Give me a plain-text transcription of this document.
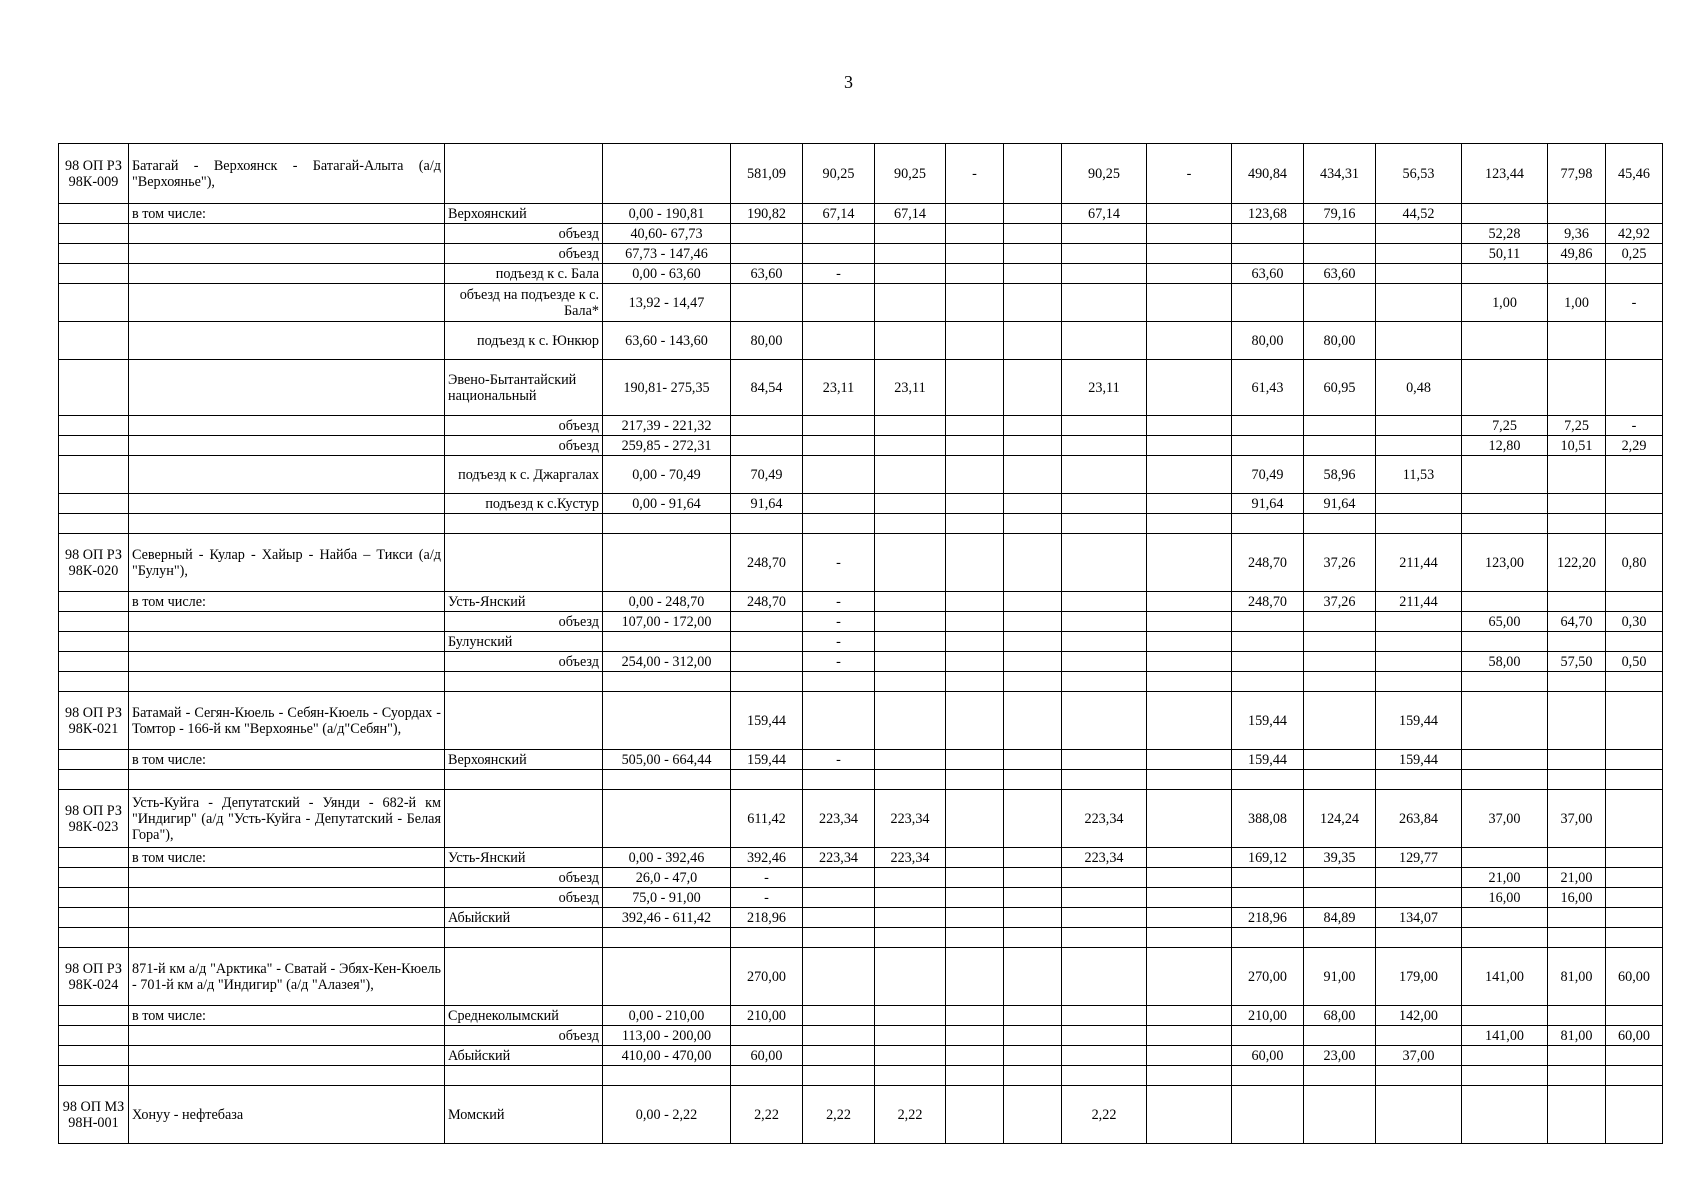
3
98 ОП РЗ 98К-009	Батагай - Верхоянск - Батагай-Алыта (а/д "Верхоянье"),			581,09	90,25	90,25	-		90,25	-	490,84	434,31	56,53	123,44	77,98	45,46
	в том числе:	Верхоянский	0,00 - 190,81	190,82	67,14	67,14			67,14		123,68	79,16	44,52			
		объезд	40,60- 67,73											52,28	9,36	42,92
		объезд	67,73 - 147,46											50,11	49,86	0,25
		подъезд к с. Бала	0,00 - 63,60	63,60	-						63,60	63,60				
		объезд на подъезде к с. Бала*	13,92 - 14,47											1,00	1,00	-
		подъезд к с. Юнкюр	63,60 - 143,60	80,00							80,00	80,00				
		Эвено-Бытантайский национальный	190,81- 275,35	84,54	23,11	23,11			23,11		61,43	60,95	0,48			
		объезд	217,39 - 221,32											7,25	7,25	-
		объезд	259,85 - 272,31											12,80	10,51	2,29
		подъезд к с. Джаргалах	0,00 - 70,49	70,49							70,49	58,96	11,53			
		подъезд к с.Кустур	0,00 - 91,64	91,64							91,64	91,64				

98 ОП РЗ 98К-020	Северный - Кулар - Хайыр - Найба – Тикси (а/д "Булун"),			248,70	-						248,70	37,26	211,44	123,00	122,20	0,80
	в том числе:	Усть-Янский	0,00 - 248,70	248,70	-						248,70	37,26	211,44			
		объезд	107,00 - 172,00		-									65,00	64,70	0,30
		Булунский			-											
		объезд	254,00 - 312,00		-									58,00	57,50	0,50

98 ОП РЗ 98К-021	Батамай - Сегян-Кюель - Себян-Кюель - Суордах - Томтор - 166-й км "Верхоянье" (а/д"Себян"),			159,44							159,44		159,44			
	в том числе:	Верхоянский	505,00 - 664,44	159,44	-						159,44		159,44			

98 ОП РЗ 98К-023	Усть-Куйга - Депутатский - Уянди - 682-й км "Индигир" (а/д "Усть-Куйга - Депутатский - Белая Гора"),			611,42	223,34	223,34			223,34		388,08	124,24	263,84	37,00	37,00	
	в том числе:	Усть-Янский	0,00 - 392,46	392,46	223,34	223,34			223,34		169,12	39,35	129,77			
		объезд	26,0 - 47,0	-										21,00	21,00	
		объезд	75,0 - 91,00	-										16,00	16,00	
		Абыйский	392,46 - 611,42	218,96							218,96	84,89	134,07			

98 ОП РЗ 98К-024	871-й км а/д "Арктика" - Сватай - Эбях-Кен-Кюель - 701-й км а/д "Индигир" (а/д "Алазея"),			270,00							270,00	91,00	179,00	141,00	81,00	60,00
	в том числе:	Среднеколымский	0,00 - 210,00	210,00							210,00	68,00	142,00			
		объезд	113,00 - 200,00											141,00	81,00	60,00
		Абыйский	410,00 - 470,00	60,00							60,00	23,00	37,00			

98 ОП МЗ 98Н-001	Хонуу - нефтебаза	Момский	0,00 - 2,22	2,22	2,22	2,22			2,22							
